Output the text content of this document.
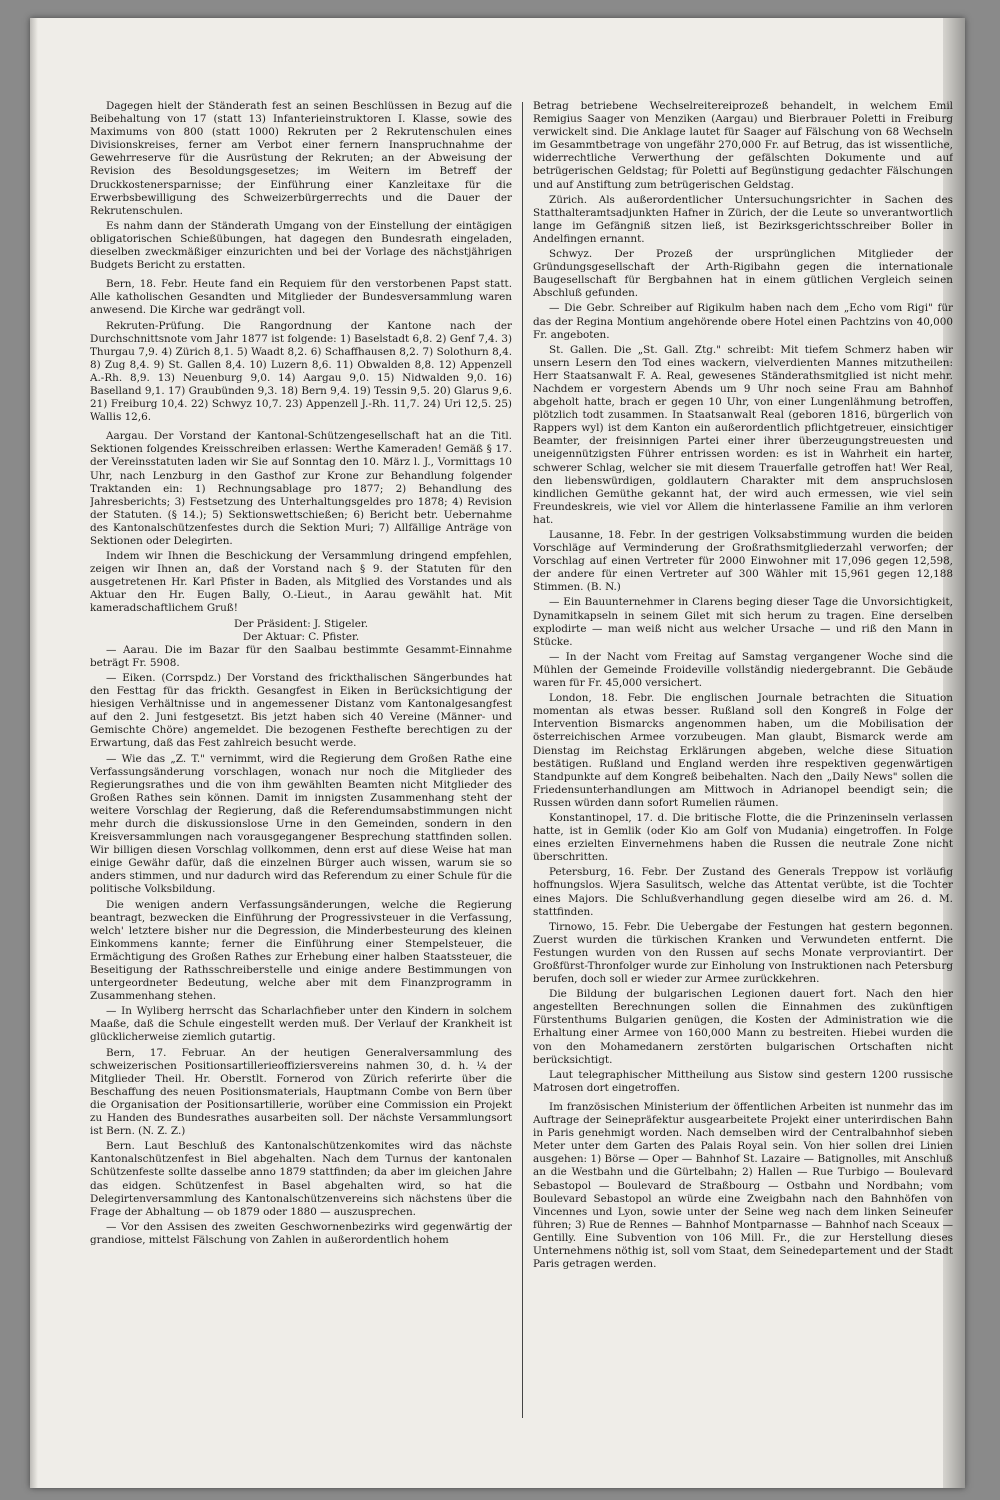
Dagegen hielt der Ständerath fest an seinen Beschlüssen in Bezug auf die Beibehaltung von 17 (statt 13) Infanterieinstruktoren I. Klasse, sowie des Maximums von 800 (statt 1000) Rekruten per 2 Rekrutenschulen eines Divisionskreises, ferner am Verbot einer fernern Inanspruchnahme der Gewehrreserve für die Ausrüstung der Rekruten; an der Abweisung der Revision des Besoldungsgesetzes; im Weitern im Betreff der Druckkostenersparnisse; der Einführung einer Kanzleitaxe für die Erwerbsbewilligung des Schweizerbürgerrechts und die Dauer der Rekrutenschulen.

Es nahm dann der Ständerath Umgang von der Einstellung der eintägigen obligatorischen Schießübungen, hat dagegen den Bundesrath eingeladen, dieselben zweckmäßiger einzurichten und bei der Vorlage des nächstjährigen Budgets Bericht zu erstatten.

Bern, 18. Febr. Heute fand ein Requiem für den verstorbenen Papst statt. Alle katholischen Gesandten und Mitglieder der Bundesversammlung waren anwesend. Die Kirche war gedrängt voll.

Rekruten-Prüfung. Die Rangordnung der Kantone nach der Durchschnittsnote vom Jahr 1877 ist folgende: 1) Baselstadt 6,8. 2) Genf 7,4. 3) Thurgau 7,9. 4) Zürich 8,1. 5) Waadt 8,2. 6) Schaffhausen 8,2. 7) Solothurn 8,4. 8) Zug 8,4. 9) St. Gallen 8,4. 10) Luzern 8,6. 11) Obwalden 8,8. 12) Appenzell A.-Rh. 8,9. 13) Neuenburg 9,0. 14) Aargau 9,0. 15) Nidwalden 9,0. 16) Baselland 9,1. 17) Graubünden 9,3. 18) Bern 9,4. 19) Tessin 9,5. 20) Glarus 9,6. 21) Freiburg 10,4. 22) Schwyz 10,7. 23) Appenzell J.-Rh. 11,7. 24) Uri 12,5. 25) Wallis 12,6.

Aargau. Der Vorstand der Kantonal-Schützengesellschaft hat an die Titl. Sektionen folgendes Kreisschreiben erlassen: Werthe Kameraden! Gemäß § 17. der Vereinsstatuten laden wir Sie auf Sonntag den 10. März l. J., Vormittags 10 Uhr, nach Lenzburg in den Gasthof zur Krone zur Behandlung folgender Traktanden ein: 1) Rechnungsablage pro 1877; 2) Behandlung des Jahresberichts; 3) Festsetzung des Unterhaltungsgeldes pro 1878; 4) Revision der Statuten. (§ 14.); 5) Sektionswettschießen; 6) Bericht betr. Uebernahme des Kantonalschützenfestes durch die Sektion Muri; 7) Allfällige Anträge von Sektionen oder Delegirten.

Indem wir Ihnen die Beschickung der Versammlung dringend empfehlen, zeigen wir Ihnen an, daß der Vorstand nach § 9. der Statuten für den ausgetretenen Hr. Karl Pfister in Baden, als Mitglied des Vorstandes und als Aktuar den Hr. Eugen Bally, O.-Lieut., in Aarau gewählt hat. Mit kameradschaftlichem Gruß!

Der Präsident: J. Stigeler.

Der Aktuar: C. Pfister.

— Aarau. Die im Bazar für den Saalbau bestimmte Gesammt-Einnahme beträgt Fr. 5908.

— Eiken. (Corrspdz.) Der Vorstand des frickthalischen Sängerbundes hat den Festtag für das frickth. Gesangfest in Eiken in Berücksichtigung der hiesigen Verhältnisse und in angemessener Distanz vom Kantonalgesangfest auf den 2. Juni festgesetzt. Bis jetzt haben sich 40 Vereine (Männer- und Gemischte Chöre) angemeldet. Die bezogenen Festhefte berechtigen zu der Erwartung, daß das Fest zahlreich besucht werde.

— Wie das „Z. T." vernimmt, wird die Regierung dem Großen Rathe eine Verfassungsänderung vorschlagen, wonach nur noch die Mitglieder des Regierungsrathes und die von ihm gewählten Beamten nicht Mitglieder des Großen Rathes sein können. Damit im innigsten Zusammenhang steht der weitere Vorschlag der Regierung, daß die Referendumsabstimmungen nicht mehr durch die diskussionslose Urne in den Gemeinden, sondern in den Kreisversammlungen nach vorausgegangener Besprechung stattfinden sollen. Wir billigen diesen Vorschlag vollkommen, denn erst auf diese Weise hat man einige Gewähr dafür, daß die einzelnen Bürger auch wissen, warum sie so anders stimmen, und nur dadurch wird das Referendum zu einer Schule für die politische Volksbildung.

Die wenigen andern Verfassungsänderungen, welche die Regierung beantragt, bezwecken die Einführung der Progressivsteuer in die Verfassung, welch' letztere bisher nur die Degression, die Minderbesteurung des kleinen Einkommens kannte; ferner die Einführung einer Stempelsteuer, die Ermächtigung des Großen Rathes zur Erhebung einer halben Staatssteuer, die Beseitigung der Rathsschreiberstelle und einige andere Bestimmungen von untergeordneter Bedeutung, welche aber mit dem Finanzprogramm in Zusammenhang stehen.

— In Wyliberg herrscht das Scharlachfieber unter den Kindern in solchem Maaße, daß die Schule eingestellt werden muß. Der Verlauf der Krankheit ist glücklicherweise ziemlich gutartig.

Bern, 17. Februar. An der heutigen Generalversammlung des schweizerischen Positionsartillerieoffiziersvereins nahmen 30, d. h. ¼ der Mitglieder Theil. Hr. Oberstlt. Fornerod von Zürich referirte über die Beschaffung des neuen Positionsmaterials, Hauptmann Combe von Bern über die Organisation der Positionsartillerie, worüber eine Commission ein Projekt zu Handen des Bundesrathes ausarbeiten soll. Der nächste Versammlungsort ist Bern. (N. Z. Z.)

Bern. Laut Beschluß des Kantonalschützenkomites wird das nächste Kantonalschützenfest in Biel abgehalten. Nach dem Turnus der kantonalen Schützenfeste sollte dasselbe anno 1879 stattfinden; da aber im gleichen Jahre das eidgen. Schützenfest in Basel abgehalten wird, so hat die Delegirtenversammlung des Kantonalschützenvereins sich nächstens über die Frage der Abhaltung — ob 1879 oder 1880 — auszusprechen.

— Vor den Assisen des zweiten Geschwornenbezirks wird gegenwärtig der grandiose, mittelst Fälschung von Zahlen in außerordentlich hohem

Betrag betriebene Wechselreitereiprozeß behandelt, in welchem Emil Remigius Saager von Menziken (Aargau) und Bierbrauer Poletti in Freiburg verwickelt sind. Die Anklage lautet für Saager auf Fälschung von 68 Wechseln im Gesammtbetrage von ungefähr 270,000 Fr. auf Betrug, das ist wissentliche, widerrechtliche Verwerthung der gefälschten Dokumente und auf betrügerischen Geldstag; für Poletti auf Begünstigung gedachter Fälschungen und auf Anstiftung zum betrügerischen Geldstag.

Zürich. Als außerordentlicher Untersuchungsrichter in Sachen des Statthalteramtsadjunkten Hafner in Zürich, der die Leute so unverantwortlich lange im Gefängniß sitzen ließ, ist Bezirksgerichtsschreiber Boller in Andelfingen ernannt.

Schwyz. Der Prozeß der ursprünglichen Mitglieder der Gründungsgesellschaft der Arth-Rigibahn gegen die internationale Baugesellschaft für Bergbahnen hat in einem gütlichen Vergleich seinen Abschluß gefunden.

— Die Gebr. Schreiber auf Rigikulm haben nach dem „Echo vom Rigi" für das der Regina Montium angehörende obere Hotel einen Pachtzins von 40,000 Fr. angeboten.

St. Gallen. Die „St. Gall. Ztg." schreibt: Mit tiefem Schmerz haben wir unsern Lesern den Tod eines wackern, vielverdienten Mannes mitzutheilen: Herr Staatsanwalt F. A. Real, gewesenes Ständerathsmitglied ist nicht mehr. Nachdem er vorgestern Abends um 9 Uhr noch seine Frau am Bahnhof abgeholt hatte, brach er gegen 10 Uhr, von einer Lungenlähmung betroffen, plötzlich todt zusammen. In Staatsanwalt Real (geboren 1816, bürgerlich von Rappers wyl) ist dem Kanton ein außerordentlich pflichtgetreuer, einsichtiger Beamter, der freisinnigen Partei einer ihrer überzeugungstreuesten und uneigennützigsten Führer entrissen worden: es ist in Wahrheit ein harter, schwerer Schlag, welcher sie mit diesem Trauerfalle getroffen hat! Wer Real, den liebenswürdigen, goldlautern Charakter mit dem anspruchslosen kindlichen Gemüthe gekannt hat, der wird auch ermessen, wie viel sein Freundeskreis, wie viel vor Allem die hinterlassene Familie an ihm verloren hat.

Lausanne, 18. Febr. In der gestrigen Volksabstimmung wurden die beiden Vorschläge auf Verminderung der Großrathsmitgliederzahl verworfen; der Vorschlag auf einen Vertreter für 2000 Einwohner mit 17,096 gegen 12,598, der andere für einen Vertreter auf 300 Wähler mit 15,961 gegen 12,188 Stimmen. (B. N.)

— Ein Bauunternehmer in Clarens beging dieser Tage die Unvorsichtigkeit, Dynamitkapseln in seinem Gilet mit sich herum zu tragen. Eine derselben explodirte — man weiß nicht aus welcher Ursache — und riß den Mann in Stücke.

— In der Nacht vom Freitag auf Samstag vergangener Woche sind die Mühlen der Gemeinde Froideville vollständig niedergebrannt. Die Gebäude waren für Fr. 45,000 versichert.

London, 18. Febr. Die englischen Journale betrachten die Situation momentan als etwas besser. Rußland soll den Kongreß in Folge der Intervention Bismarcks angenommen haben, um die Mobilisation der österreichischen Armee vorzubeugen. Man glaubt, Bismarck werde am Dienstag im Reichstag Erklärungen abgeben, welche diese Situation bestätigen. Rußland und England werden ihre respektiven gegenwärtigen Standpunkte auf dem Kongreß beibehalten. Nach den „Daily News" sollen die Friedensunterhandlungen am Mittwoch in Adrianopel beendigt sein; die Russen würden dann sofort Rumelien räumen.

Konstantinopel, 17. d. Die britische Flotte, die die Prinzeninseln verlassen hatte, ist in Gemlik (oder Kio am Golf von Mudania) eingetroffen. In Folge eines erzielten Einvernehmens haben die Russen die neutrale Zone nicht überschritten.

Petersburg, 16. Febr. Der Zustand des Generals Treppow ist vorläufig hoffnungslos. Wjera Sasulitsch, welche das Attentat verübte, ist die Tochter eines Majors. Die Schlußverhandlung gegen dieselbe wird am 26. d. M. stattfinden.

Tirnowo, 15. Febr. Die Uebergabe der Festungen hat gestern begonnen. Zuerst wurden die türkischen Kranken und Verwundeten entfernt. Die Festungen wurden von den Russen auf sechs Monate verproviantirt. Der Großfürst-Thronfolger wurde zur Einholung von Instruktionen nach Petersburg berufen, doch soll er wieder zur Armee zurückkehren.

Die Bildung der bulgarischen Legionen dauert fort. Nach den hier angestellten Berechnungen sollen die Einnahmen des zukünftigen Fürstenthums Bulgarien genügen, die Kosten der Administration wie die Erhaltung einer Armee von 160,000 Mann zu bestreiten. Hiebei wurden die von den Mohamedanern zerstörten bulgarischen Ortschaften nicht berücksichtigt.

Laut telegraphischer Mittheilung aus Sistow sind gestern 1200 russische Matrosen dort eingetroffen.

Im französischen Ministerium der öffentlichen Arbeiten ist nunmehr das im Auftrage der Seinepräfektur ausgearbeitete Projekt einer unterirdischen Bahn in Paris genehmigt worden. Nach demselben wird der Centralbahnhof sieben Meter unter dem Garten des Palais Royal sein. Von hier sollen drei Linien ausgehen: 1) Börse — Oper — Bahnhof St. Lazaire — Batignolles, mit Anschluß an die Westbahn und die Gürtelbahn; 2) Hallen — Rue Turbigo — Boulevard Sebastopol — Boulevard de Straßbourg — Ostbahn und Nordbahn; vom Boulevard Sebastopol an würde eine Zweigbahn nach den Bahnhöfen von Vincennes und Lyon, sowie unter der Seine weg nach dem linken Seineufer führen; 3) Rue de Rennes — Bahnhof Montparnasse — Bahnhof nach Sceaux — Gentilly. Eine Subvention von 106 Mill. Fr., die zur Herstellung dieses Unternehmens nöthig ist, soll vom Staat, dem Seinedepartement und der Stadt Paris getragen werden.
